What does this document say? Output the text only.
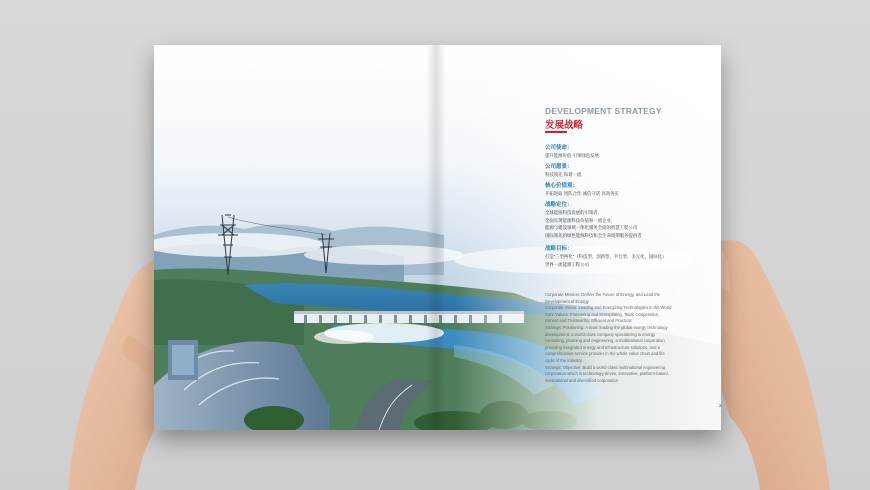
DEVELOPMENT STRATEGY
发展战略
公司使命：
提升能源价值 引领绿色发展
公司愿景：
科技领先 和谐一流
核心价值观：
开拓进取 团队合作 诚信守诺 高效务实
战略定位：
全球能源科技发展的引领者，
全面实现能源科技价值和一流企业，
能源与建设领域一体化服务全面的智慧工程公司
国际领先的绿色能源科技和全生命周期服务提供者
战略目标：
打造“三型两化”（科技型、创新型、平台型、多元化、国际化）
世界一流能源工程公司
Corporate Mission: Deliver the Future of Energy, and Lead the
Development of Energy
Corporate Vision: Leading and Energizing Technologies in the World
Core Values: Pioneering and Enterprising, Team Cooperation,
Honest and Trustworthy, Efficient and Practical
Strategic Positioning: A team leading the global energy technology
development, a world-class company specializing in energy
consulting, planning and engineering, a multinational corporation
providing integrated energy and infrastructure solutions, and a
comprehensive service provider in the whole value chain and life
cycle of the industry
Strategic Objective: Build a world-class multinational engineering
corporation which is technology-driven, innovative, platform-based,
international and diversified corporation
2
